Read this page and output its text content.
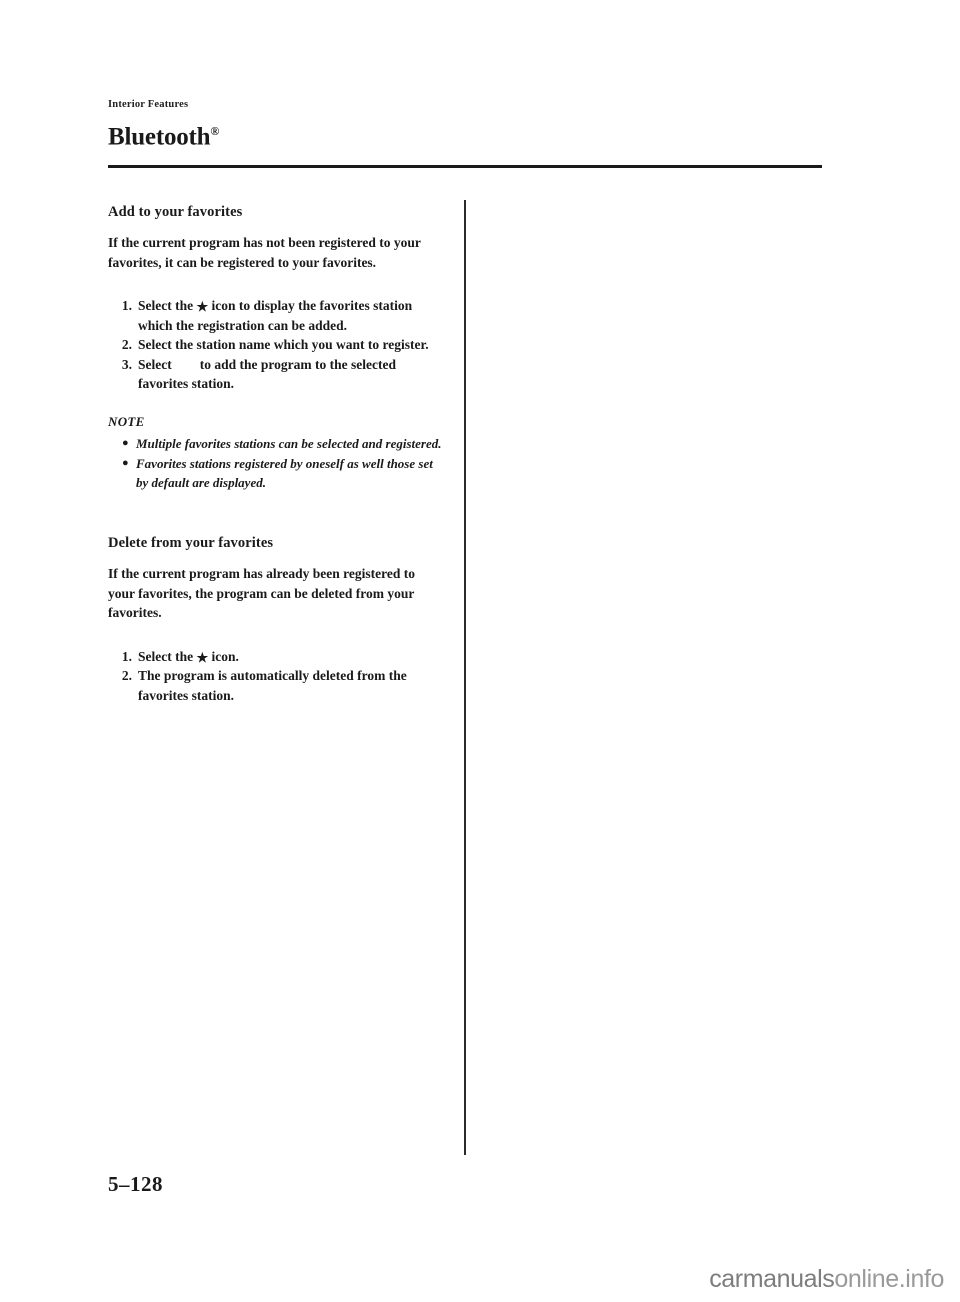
Interior Features
Bluetooth®
Add to your favorites

If the current program has not been registered to your favorites, it can be registered to your favorites.

1. Select the ★ icon to display the favorites station which the registration can be added.
2. Select the station name which you want to register.
3. Select to add the program to the selected favorites station.
NOTE
● Multiple favorites stations can be selected and registered.
● Favorites stations registered by oneself as well those set by default are displayed.
Delete from your favorites

If the current program has already been registered to your favorites, the program can be deleted from your favorites.

1. Select the ★ icon.
2. The program is automatically deleted from the favorites station.
5–128
carmanualsonline.info
